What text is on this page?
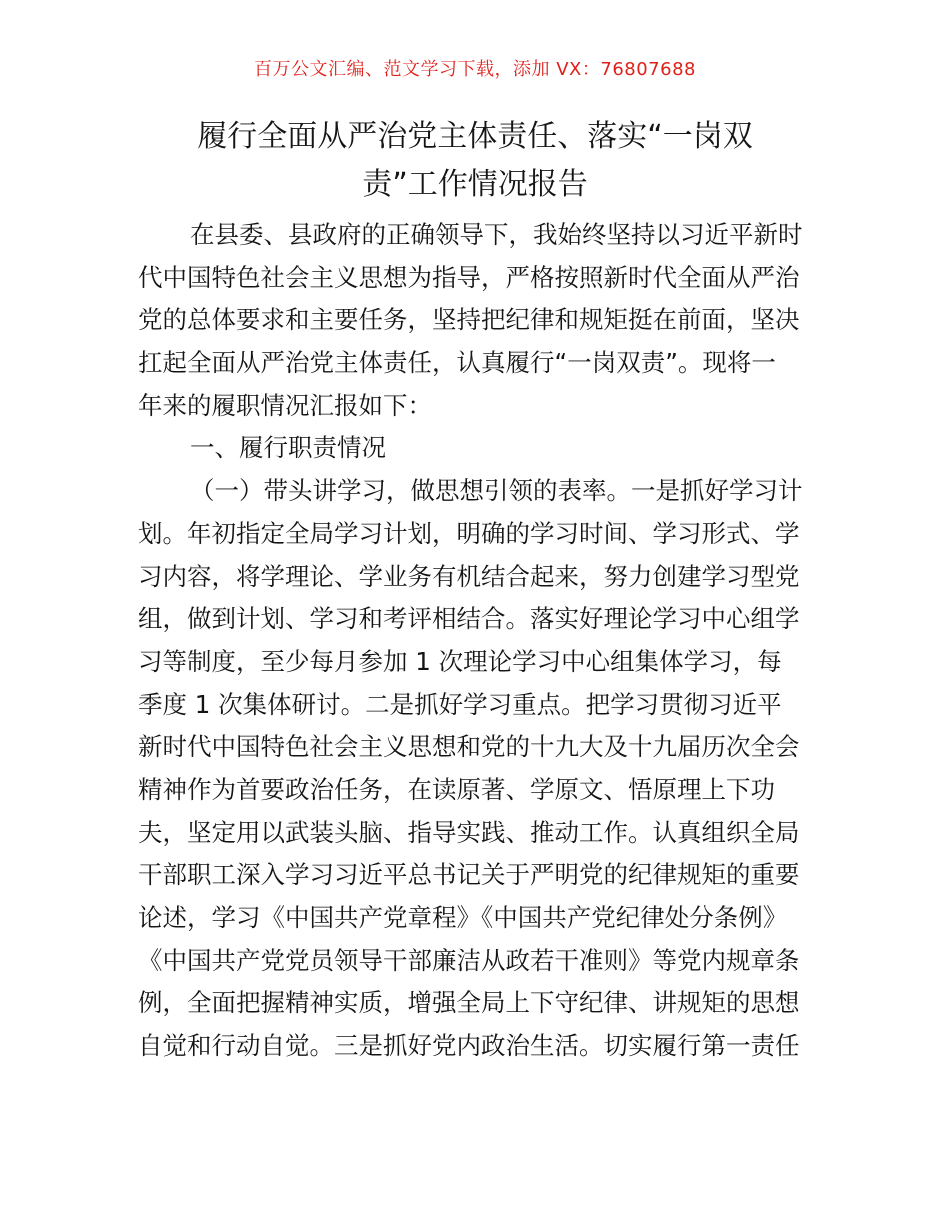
百万公文汇编、范文学习下载，添加 VX：76807688
履行全面从严治党主体责任、落实“一岗双
责”工作情况报告
在县委、县政府的正确领导下，我始终坚持以习近平新时
代中国特色社会主义思想为指导，严格按照新时代全面从严治
党的总体要求和主要任务，坚持把纪律和规矩挺在前面，坚决
扛起全面从严治党主体责任，认真履行“一岗双责”。现将一
年来的履职情况汇报如下：
一、履行职责情况
（一）带头讲学习，做思想引领的表率。一是抓好学习计
划。年初指定全局学习计划，明确的学习时间、学习形式、学
习内容，将学理论、学业务有机结合起来，努力创建学习型党
组，做到计划、学习和考评相结合。落实好理论学习中心组学
习等制度，至少每月参加 1 次理论学习中心组集体学习，每
季度 1 次集体研讨。二是抓好学习重点。把学习贯彻习近平
新时代中国特色社会主义思想和党的十九大及十九届历次全会
精神作为首要政治任务，在读原著、学原文、悟原理上下功
夫，坚定用以武装头脑、指导实践、推动工作。认真组织全局
干部职工深入学习习近平总书记关于严明党的纪律规矩的重要
论述，学习《中国共产党章程》《中国共产党纪律处分条例》
《中国共产党党员领导干部廉洁从政若干准则》等党内规章条
例，全面把握精神实质，增强全局上下守纪律、讲规矩的思想
自觉和行动自觉。三是抓好党内政治生活。切实履行第一责任
